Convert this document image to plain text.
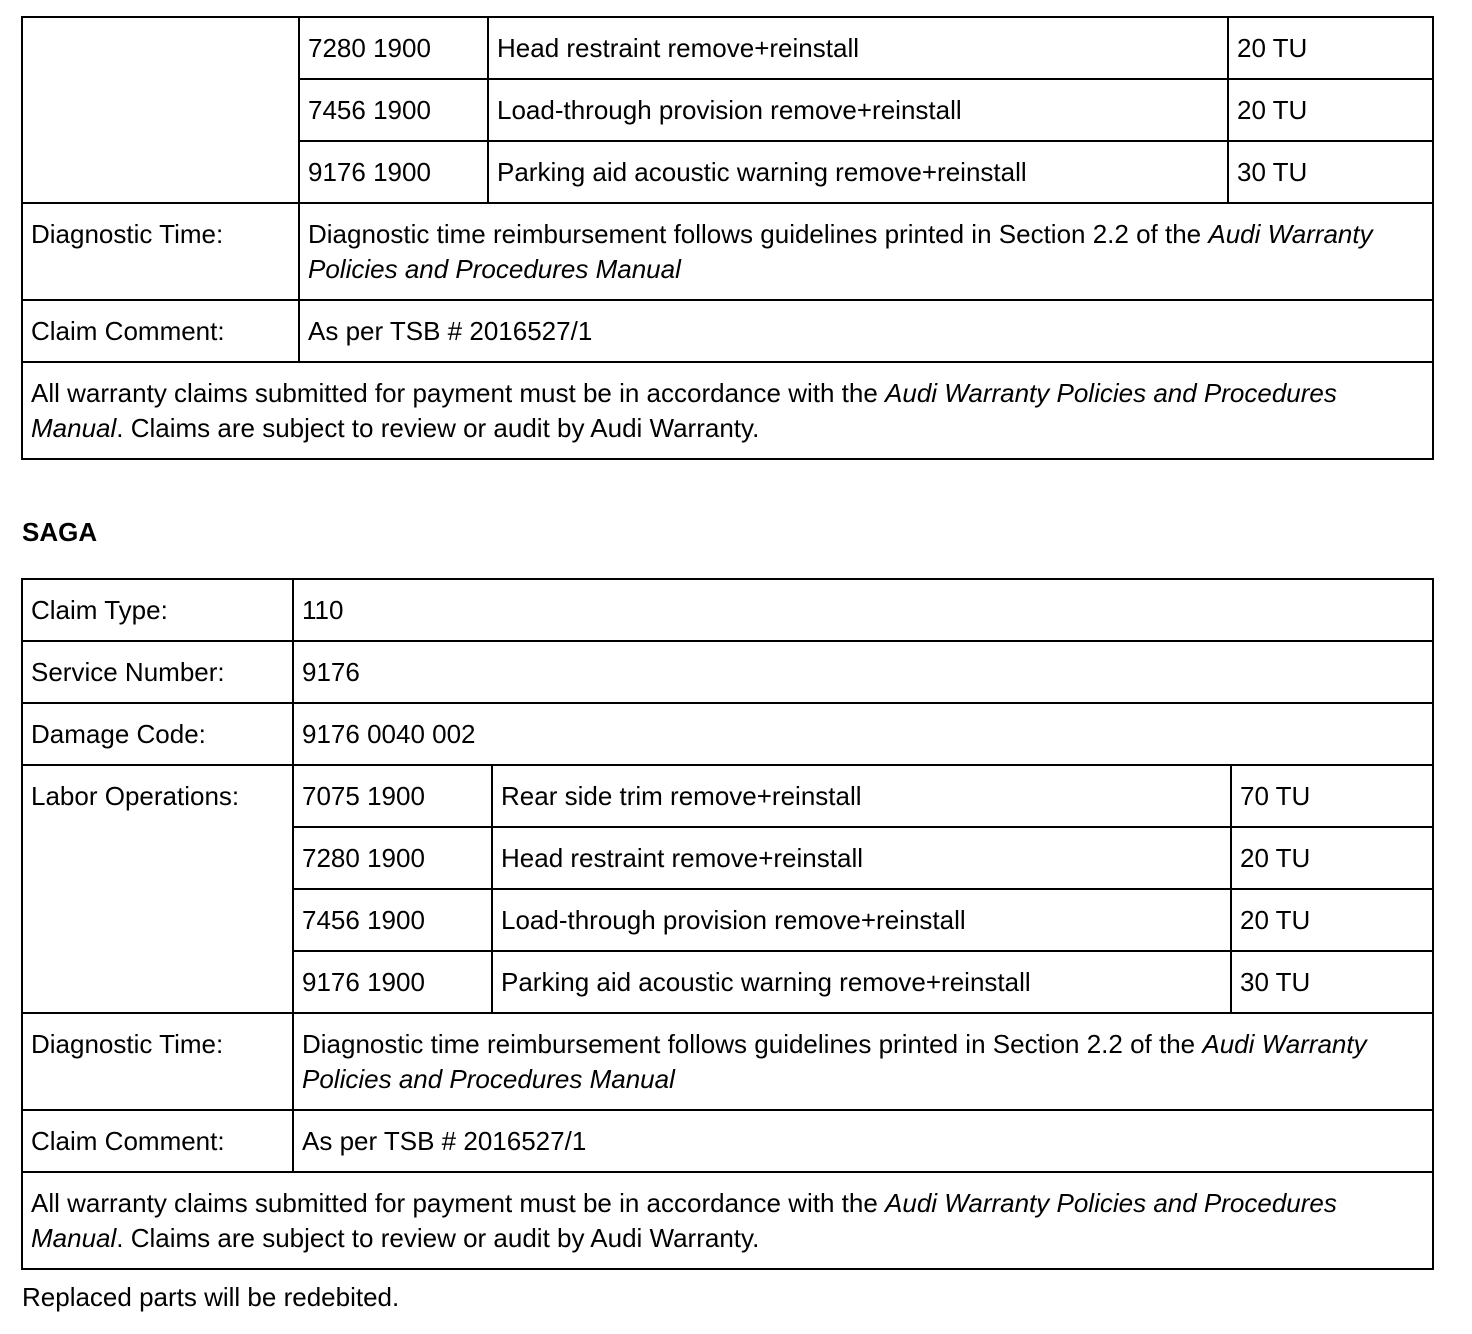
	7280 1900	Head restraint remove+reinstall	20 TU
	7456 1900	Load-through provision remove+reinstall	20 TU
	9176 1900	Parking aid acoustic warning remove+reinstall	30 TU
Diagnostic Time:	Diagnostic time reimbursement follows guidelines printed in Section 2.2 of the Audi Warranty Policies and Procedures Manual		
Claim Comment:	As per TSB # 2016527/1		
All warranty claims submitted for payment must be in accordance with the Audi Warranty Policies and Procedures Manual. Claims are subject to review or audit by Audi Warranty.			
SAGA
Claim Type:	110		
Service Number:	9176		
Damage Code:	9176 0040 002		
Labor Operations:	7075 1900	Rear side trim remove+reinstall	70 TU
	7280 1900	Head restraint remove+reinstall	20 TU
	7456 1900	Load-through provision remove+reinstall	20 TU
	9176 1900	Parking aid acoustic warning remove+reinstall	30 TU
Diagnostic Time:	Diagnostic time reimbursement follows guidelines printed in Section 2.2 of the Audi Warranty Policies and Procedures Manual		
Claim Comment:	As per TSB # 2016527/1		
All warranty claims submitted for payment must be in accordance with the Audi Warranty Policies and Procedures Manual. Claims are subject to review or audit by Audi Warranty.			
Replaced parts will be redebited.
